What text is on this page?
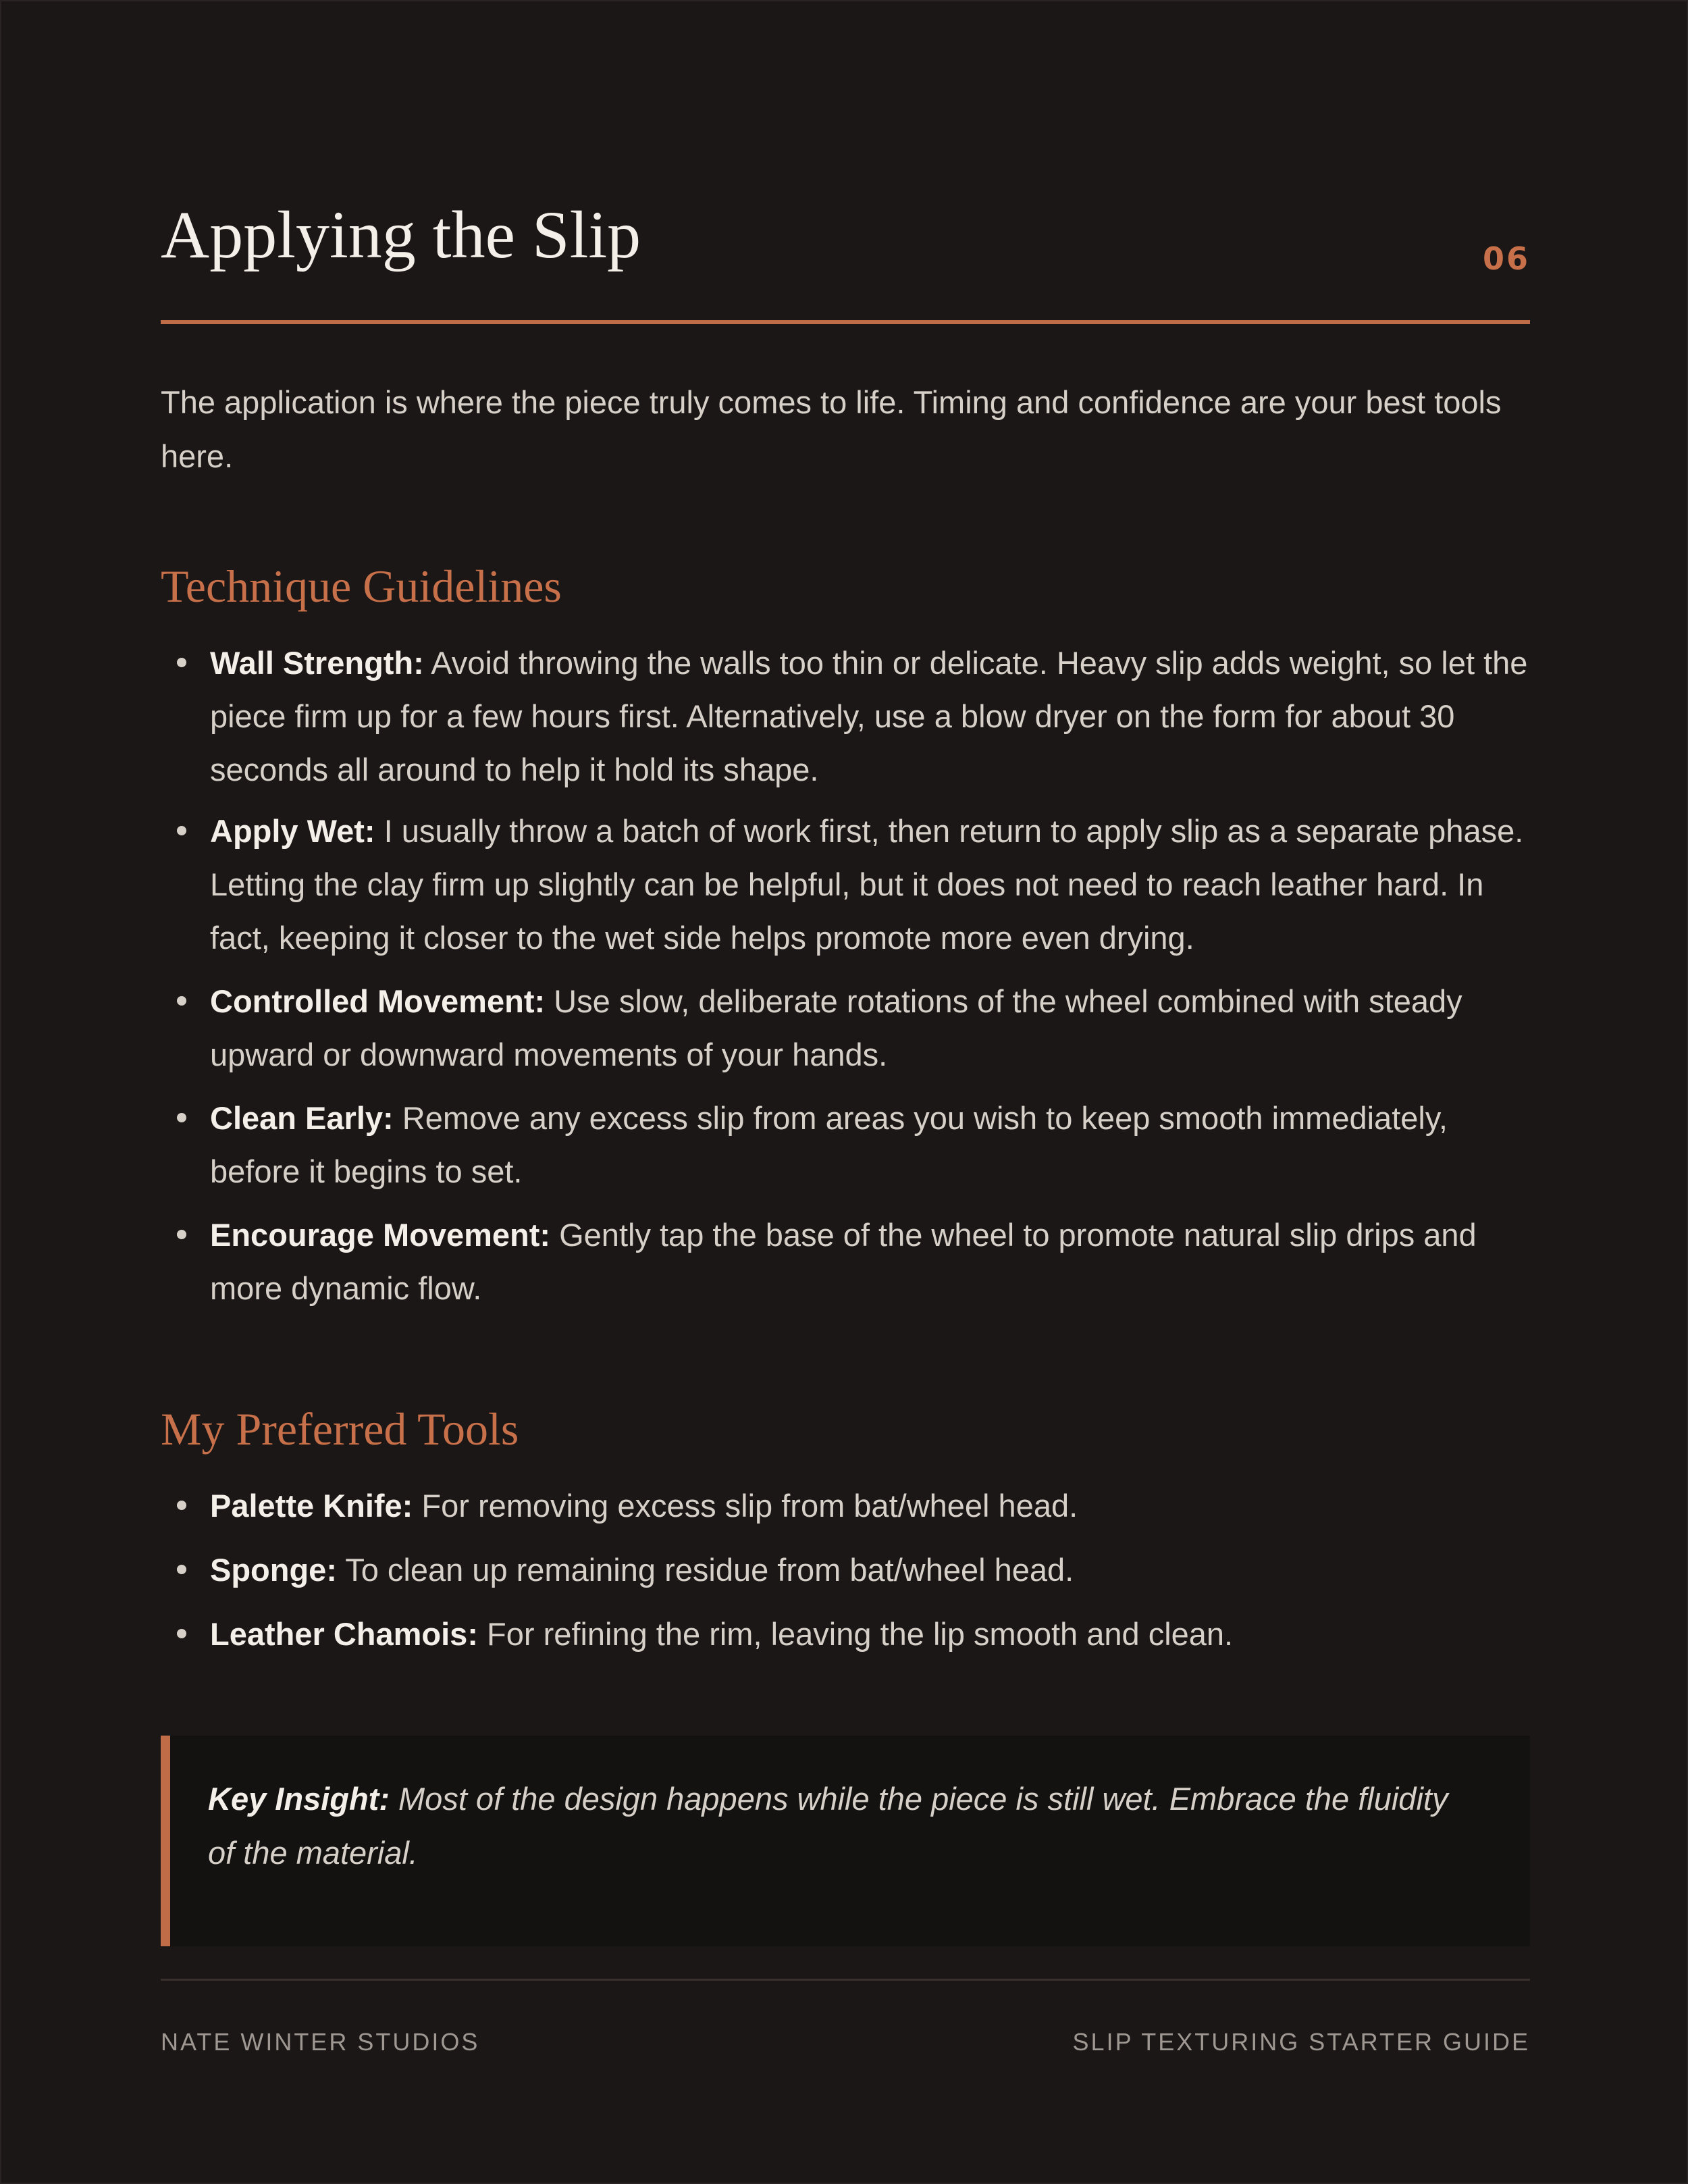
Applying the Slip	06

The application is where the piece truly comes to life. Timing and confidence are your best tools here.

Technique Guidelines
Wall Strength: Avoid throwing the walls too thin or delicate. Heavy slip adds weight, so let the piece firm up for a few hours first. Alternatively, use a blow dryer on the form for about 30 seconds all around to help it hold its shape.
Apply Wet: I usually throw a batch of work first, then return to apply slip as a separate phase. Letting the clay firm up slightly can be helpful, but it does not need to reach leather hard. In fact, keeping it closer to the wet side helps promote more even drying.
Controlled Movement: Use slow, deliberate rotations of the wheel combined with steady upward or downward movements of your hands.
Clean Early: Remove any excess slip from areas you wish to keep smooth immediately, before it begins to set.
Encourage Movement: Gently tap the base of the wheel to promote natural slip drips and more dynamic flow.
My Preferred Tools
Palette Knife: For removing excess slip from bat/wheel head.
Sponge: To clean up remaining residue from bat/wheel head.
Leather Chamois: For refining the rim, leaving the lip smooth and clean.

Key Insight: Most of the design happens while the piece is still wet. Embrace the fluidity of the material.

NATE WINTER STUDIOS	SLIP TEXTURING STARTER GUIDE
